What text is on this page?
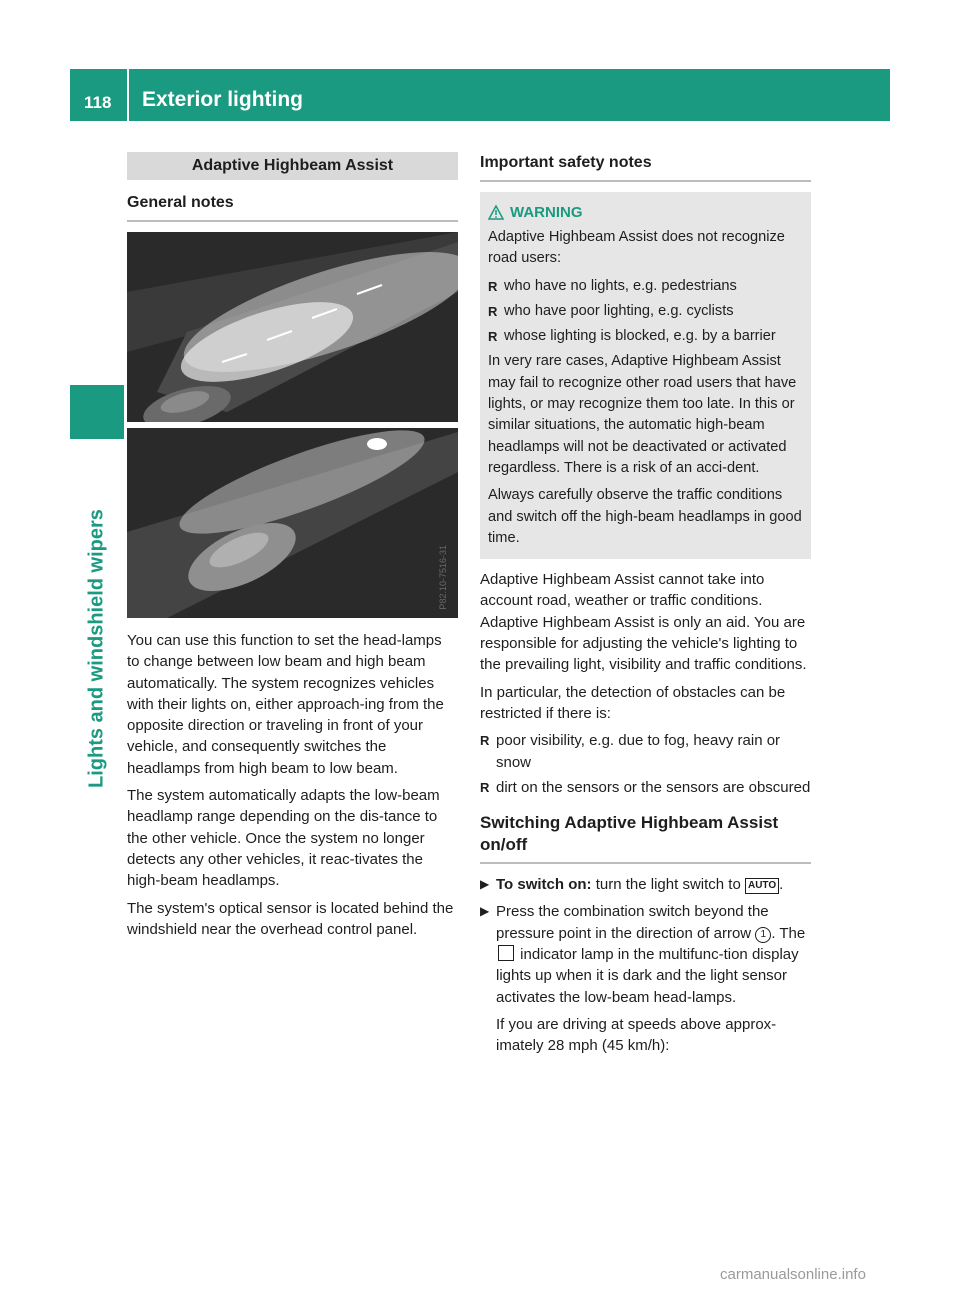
118 Exterior lighting
Lights and windshield wipers
Adaptive Highbeam Assist
General notes
P82.10-7516-31

You can use this function to set the head-lamps to change between low beam and high beam automatically. The system recognizes vehicles with their lights on, either approach-ing from the opposite direction or traveling in front of your vehicle, and consequently switches the headlamps from high beam to low beam.

The system automatically adapts the low-beam headlamp range depending on the dis-tance to the other vehicle. Once the system no longer detects any other vehicles, it reac-tivates the high-beam headlamps.

The system's optical sensor is located behind the windshield near the overhead control panel.

Important safety notes
WARNING

Adaptive Highbeam Assist does not recognize road users:

R who have no lights, e.g. pedestrians
R who have poor lighting, e.g. cyclists
R whose lighting is blocked, e.g. by a barrier

In very rare cases, Adaptive Highbeam Assist may fail to recognize other road users that have lights, or may recognize them too late. In this or similar situations, the automatic high-beam headlamps will not be deactivated or activated regardless. There is a risk of an acci-dent.

Always carefully observe the traffic conditions and switch off the high-beam headlamps in good time.

Adaptive Highbeam Assist cannot take into account road, weather or traffic conditions. Adaptive Highbeam Assist is only an aid. You are responsible for adjusting the vehicle's lighting to the prevailing light, visibility and traffic conditions.

In particular, the detection of obstacles can be restricted if there is:

R poor visibility, e.g. due to fog, heavy rain or snow
R dirt on the sensors or the sensors are obscured
Switching Adaptive Highbeam Assist on/off
▶ To switch on: turn the light switch to AUTO .
▶ Press the combination switch beyond the pressure point in the direction of arrow 1 . The  indicator lamp in the multifunc-tion display lights up when it is dark and the light sensor activates the low-beam head-lamps.
If you are driving at speeds above approx-imately 28 mph (45 km/h):
carmanualsonline.info
